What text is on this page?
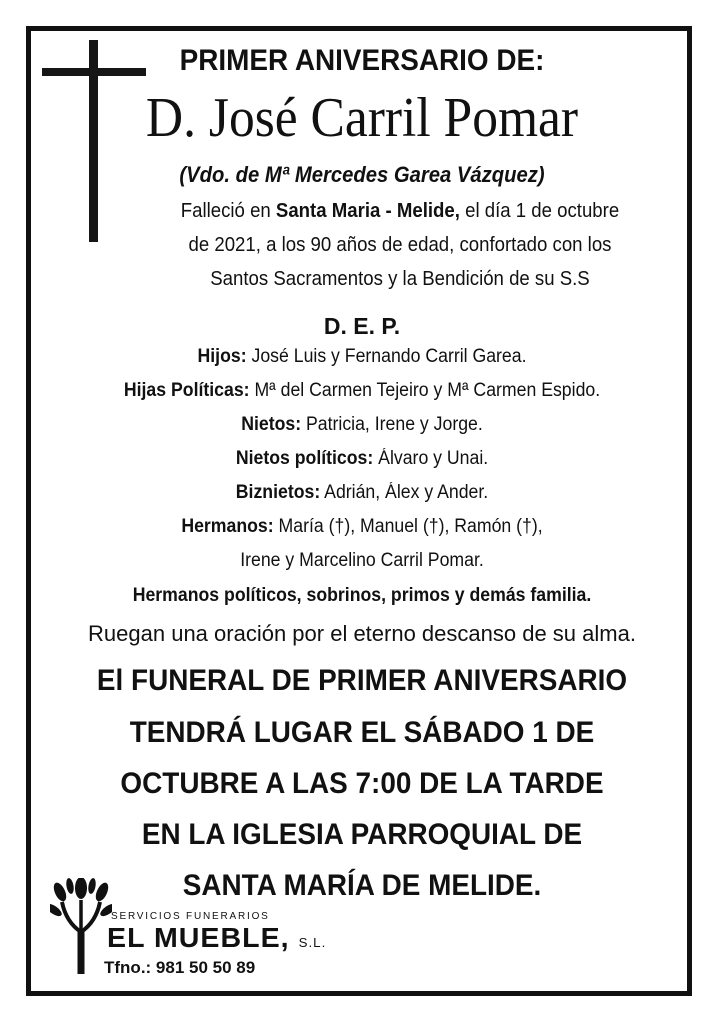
PRIMER ANIVERSARIO DE:
D. José Carril Pomar
(Vdo. de Mª Mercedes Garea Vázquez)
Falleció en Santa Maria - Melide, el día 1 de octubre
de 2021, a los 90 años de edad, confortado con los
Santos Sacramentos y la Bendición de su S.S
D. E. P.
Hijos: José Luis y Fernando Carril Garea.
Hijas Políticas: Mª del Carmen Tejeiro y Mª Carmen Espido.
Nietos: Patricia, Irene y Jorge.
Nietos políticos: Álvaro y Unai.
Biznietos: Adrián, Álex y Ander.
Hermanos: María (†), Manuel (†), Ramón (†),
Irene y Marcelino Carril Pomar.
Hermanos políticos, sobrinos, primos y demás familia.
Ruegan una oración por el eterno descanso de su alma.
El FUNERAL DE PRIMER ANIVERSARIO
TENDRÁ LUGAR EL SÁBADO 1 DE
OCTUBRE A LAS 7:00 DE LA TARDE
EN LA IGLESIA PARROQUIAL DE
SANTA MARÍA DE MELIDE.
SERVICIOS FUNERARIOS
EL MUEBLE, S.L.
Tfno.: 981 50 50 89
